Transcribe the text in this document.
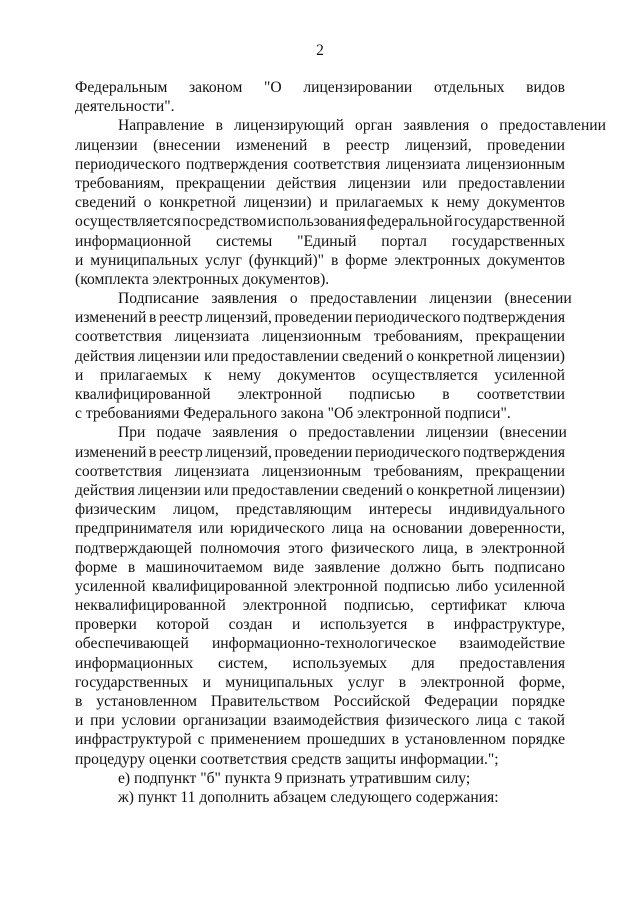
2
Федеральным законом "О лицензировании отдельных видов
деятельности".
Направление в лицензирующий орган заявления о предоставлении
лицензии (внесении изменений в реестр лицензий, проведении
периодического подтверждения соответствия лицензиата лицензионным
требованиям, прекращении действия лицензии или предоставлении
сведений о конкретной лицензии) и прилагаемых к нему документов
осуществляется посредством использования федеральной государственной
информационной системы "Единый портал государственных
и муниципальных услуг (функций)" в форме электронных документов
(комплекта электронных документов).
Подписание заявления о предоставлении лицензии (внесении
изменений в реестр лицензий, проведении периодического подтверждения
соответствия лицензиата лицензионным требованиям, прекращении
действия лицензии или предоставлении сведений о конкретной лицензии)
и прилагаемых к нему документов осуществляется усиленной
квалифицированной электронной подписью в соответствии
с требованиями Федерального закона "Об электронной подписи".
При подаче заявления о предоставлении лицензии (внесении
изменений в реестр лицензий, проведении периодического подтверждения
соответствия лицензиата лицензионным требованиям, прекращении
действия лицензии или предоставлении сведений о конкретной лицензии)
физическим лицом, представляющим интересы индивидуального
предпринимателя или юридического лица на основании доверенности,
подтверждающей полномочия этого физического лица, в электронной
форме в машиночитаемом виде заявление должно быть подписано
усиленной квалифицированной электронной подписью либо усиленной
неквалифицированной электронной подписью, сертификат ключа
проверки которой создан и используется в инфраструктуре,
обеспечивающей информационно-технологическое взаимодействие
информационных систем, используемых для предоставления
государственных и муниципальных услуг в электронной форме,
в установленном Правительством Российской Федерации порядке
и при условии организации взаимодействия физического лица с такой
инфраструктурой с применением прошедших в установленном порядке
процедуру оценки соответствия средств защиты информации.";
е) подпункт "б" пункта 9 признать утратившим силу;
ж) пункт 11 дополнить абзацем следующего содержания:
